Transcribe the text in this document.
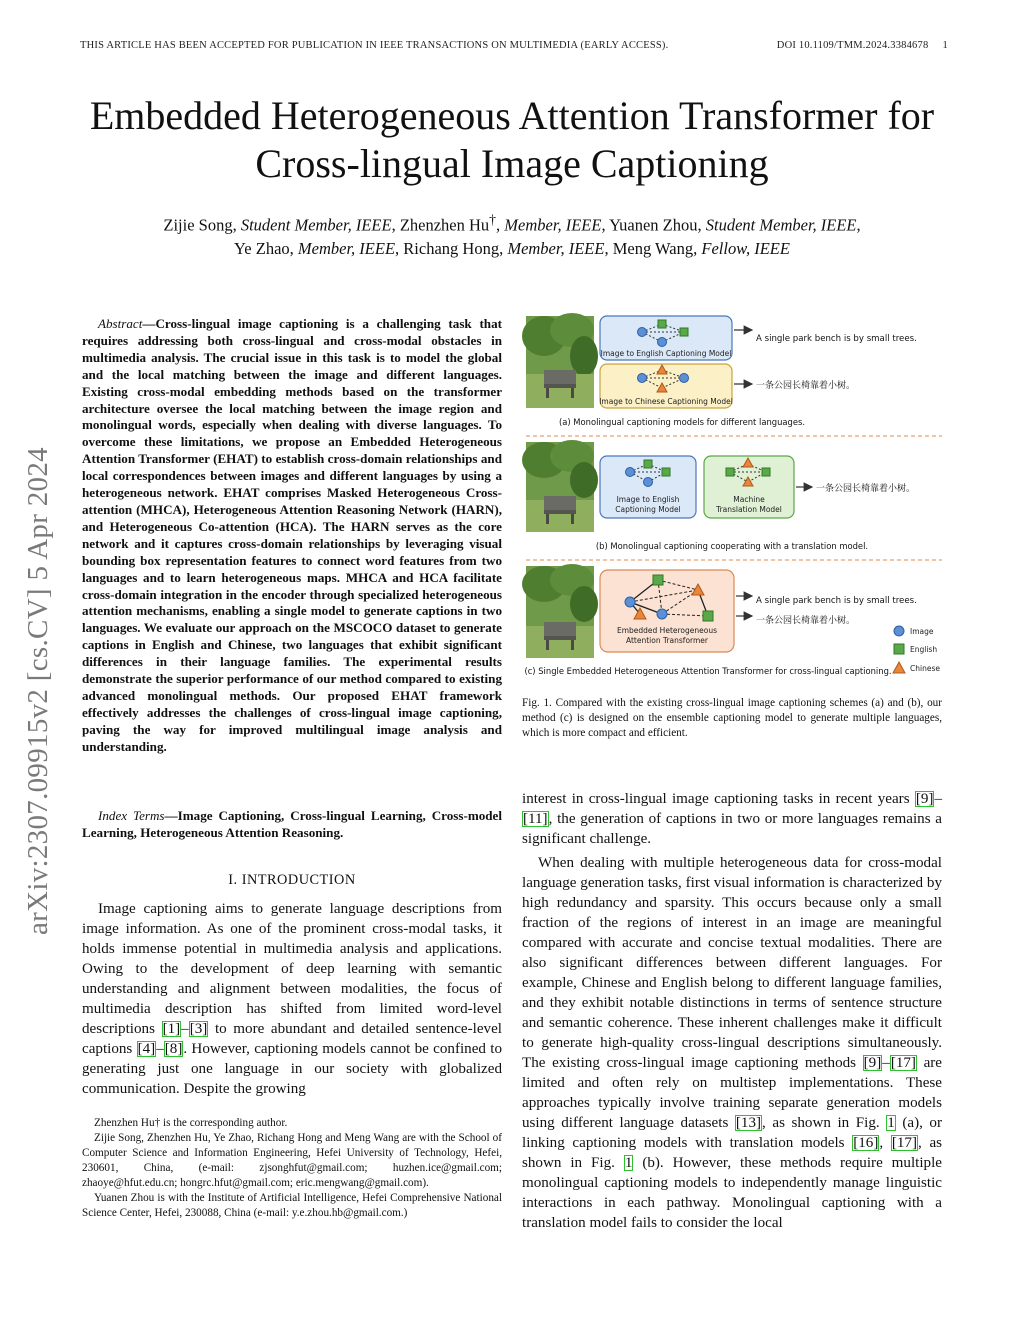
THIS ARTICLE HAS BEEN ACCEPTED FOR PUBLICATION IN IEEE TRANSACTIONS ON MULTIMEDIA (EARLY ACCESS).	DOI 10.1109/TMM.2024.3384678 1
Embedded Heterogeneous Attention Transformer for
Cross-lingual Image Captioning
Zijie Song, Student Member, IEEE, Zhenzhen Hu†, Member, IEEE, Yuanen Zhou, Student Member, IEEE,
Ye Zhao, Member, IEEE, Richang Hong, Member, IEEE, Meng Wang, Fellow, IEEE
arXiv:2307.09915v2 [cs.CV] 5 Apr 2024
Abstract—Cross-lingual image captioning is a challenging task that requires addressing both cross-lingual and cross-modal obstacles in multimedia analysis. The crucial issue in this task is to model the global and the local matching between the image and different languages. Existing cross-modal embedding methods based on the transformer architecture oversee the local matching between the image region and monolingual words, especially when dealing with diverse languages. To overcome these limitations, we propose an Embedded Heterogeneous Attention Transformer (EHAT) to establish cross-domain relationships and local correspondences between images and different languages by using a heterogeneous network. EHAT comprises Masked Heterogeneous Cross-attention (MHCA), Heterogeneous Attention Reasoning Network (HARN), and Heterogeneous Co-attention (HCA). The HARN serves as the core network and it captures cross-domain relationships by leveraging visual bounding box representation features to connect word features from two languages and to learn heterogeneous maps. MHCA and HCA facilitate cross-domain integration in the encoder through specialized heterogeneous attention mechanisms, enabling a single model to generate captions in two languages. We evaluate our approach on the MSCOCO dataset to generate captions in English and Chinese, two languages that exhibit significant differences in their language families. The experimental results demonstrate the superior performance of our method compared to existing advanced monolingual methods. Our proposed EHAT framework effectively addresses the challenges of cross-lingual image captioning, paving the way for improved multilingual image analysis and understanding.
Index Terms—Image Captioning, Cross-lingual Learning, Cross-model Learning, Heterogeneous Attention Reasoning.
I. INTRODUCTION

Image captioning aims to generate language descriptions from image information. As one of the prominent cross-modal tasks, it holds immense potential in multimedia analysis and applications. Owing to the development of deep learning with semantic understanding and alignment between modalities, the focus of multimedia description has shifted from limited word-level descriptions [1]–[3] to more abundant and detailed sentence-level captions [4]–[8]. However, captioning models cannot be confined to generating just one language in our society with globalized communication. Despite the growing

Zhenzhen Hu† is the corresponding author.

Zijie Song, Zhenzhen Hu, Ye Zhao, Richang Hong and Meng Wang are with the School of Computer Science and Information Engineering, Hefei University of Technology, Hefei, 230601, China, (e-mail: zjsonghfut@gmail.com; huzhen.ice@gmail.com; zhaoye@hfut.edu.cn; hongrc.hfut@gmail.com; eric.mengwang@gmail.com).

Yuanen Zhou is with the Institute of Artificial Intelligence, Hefei Comprehensive National Science Center, Hefei, 230088, China (e-mail: y.e.zhou.hb@gmail.com.)

Image to English Captioning Model
A single park bench is by small trees.
Image to Chinese Captioning Model
一条公园长椅靠着小树。
(a) Monolingual captioning models for different languages.
Image to English
Captioning Model
Machine
Translation Model
一条公园长椅靠着小树。
(b) Monolingual captioning cooperating with a translation model.
Embedded Heterogeneous
Attention Transformer
A single park bench is by small trees.
一条公园长椅靠着小树。
Image
English
Chinese
(c) Single Embedded Heterogeneous Attention Transformer for cross-lingual captioning.
Fig. 1. Compared with the existing cross-lingual image captioning schemes (a) and (b), our method (c) is designed on the ensemble captioning model to generate multiple languages, which is more compact and efficient.

interest in cross-lingual image captioning tasks in recent years [9]–[11], the generation of captions in two or more languages remains a significant challenge.

When dealing with multiple heterogeneous data for cross-modal language generation tasks, first visual information is characterized by high redundancy and sparsity. This occurs because only a small fraction of the regions of interest in an image are meaningful compared with accurate and concise textual modalities. There are also significant differences between different languages. For example, Chinese and English belong to different language families, and they exhibit notable distinctions in terms of sentence structure and semantic coherence. These inherent challenges make it difficult to generate high-quality cross-lingual descriptions simultaneously. The existing cross-lingual image captioning methods [9]–[17] are limited and often rely on multistep implementations. These approaches typically involve training separate generation models using different language datasets [13], as shown in Fig. 1 (a), or linking captioning models with translation models [16], [17], as shown in Fig. 1 (b). However, these methods require multiple monolingual captioning models to independently manage linguistic interactions in each pathway. Monolingual captioning with a translation model fails to consider the local
